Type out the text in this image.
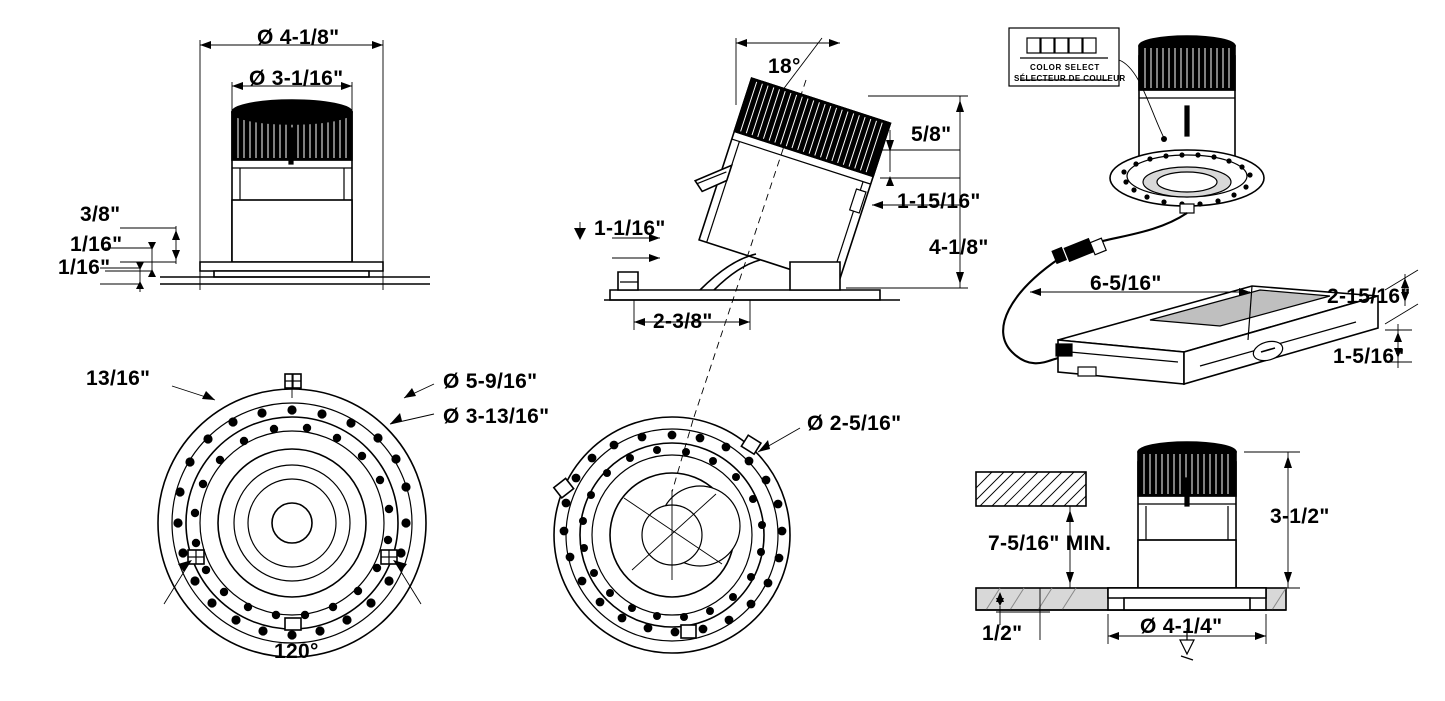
Ø 4-1/8"
Ø 3-1/16"
3/8"
1/16"
1/16"
18°
5/8"
1-15/16"
4-1/8"
1-1/16"
2-3/8"
COLOR SELECT
SÉLECTEUR DE COULEUR
6-5/16"
2-15/16"
1-5/16"
13/16"	Ø 5-9/16"
Ø 3-13/16"
120°
Ø 2-5/16"
3-1/2"
7-5/16" MIN.
1/2"	Ø 4-1/4"
